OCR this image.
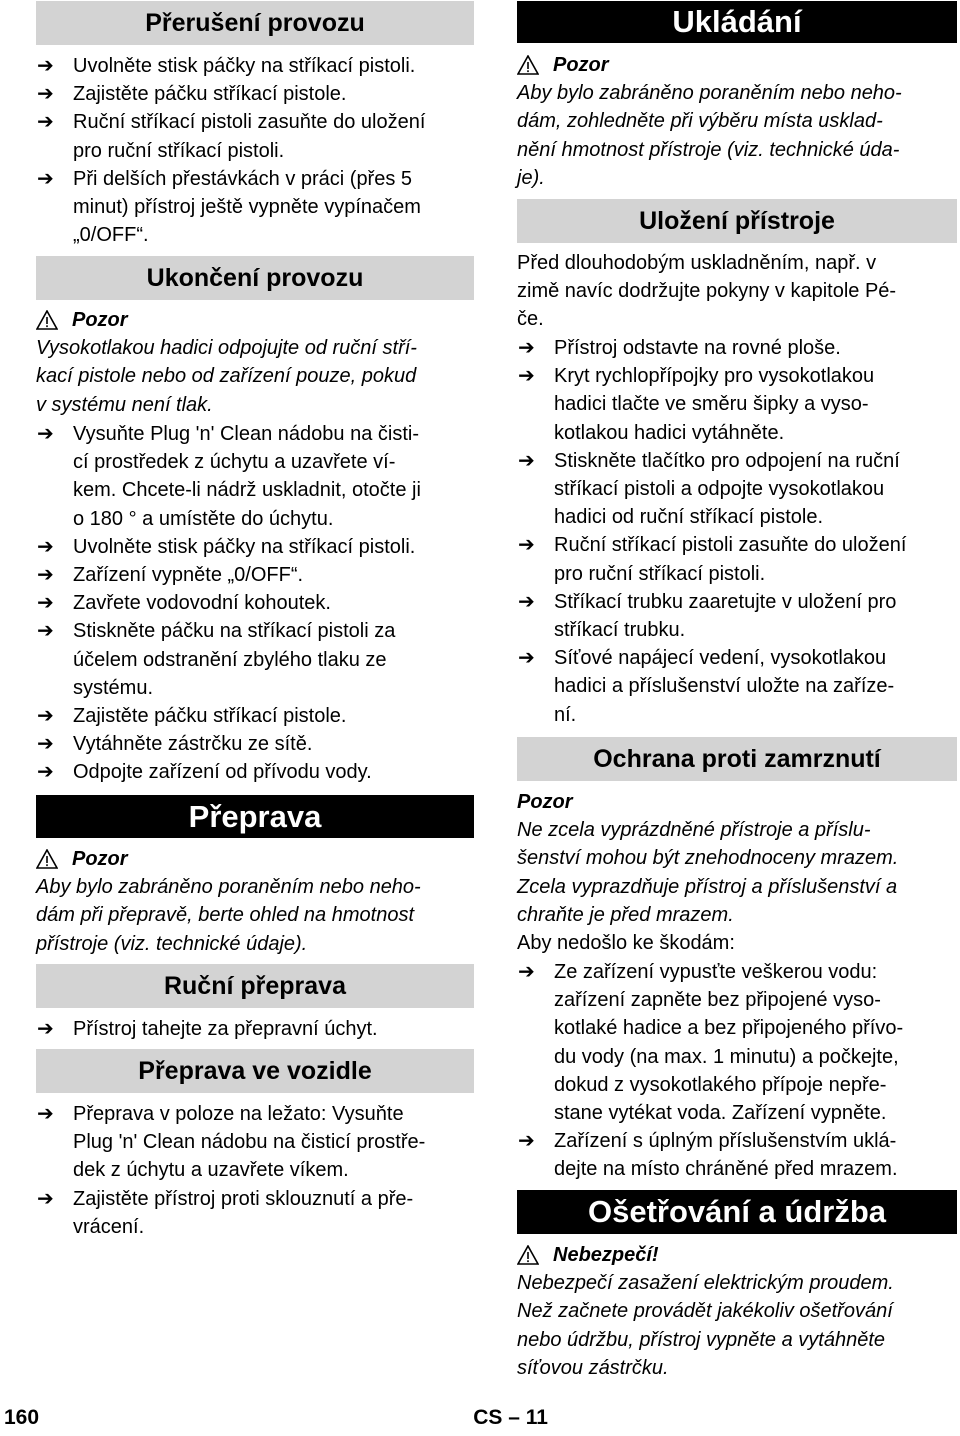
Přerušení provozu
➔ Uvolněte stisk páčky na stříkací pistoli.
➔ Zajistěte páčku stříkací pistole.
➔ Ruční stříkací pistoli zasuňte do uložení
pro ruční stříkací pistoli.
➔ Při delších přestávkách v práci (přes 5
minut) přístroj ještě vypněte vypínačem
„0/OFF“.
Ukončení provozu
Pozor
Vysokotlakou hadici odpojujte od ruční stří-
kací pistole nebo od zařízení pouze, pokud
v systému není tlak.
➔ Vysuňte Plug 'n' Clean nádobu na čisti-
cí prostředek z úchytu a uzavřete ví-
kem. Chcete-li nádrž uskladnit, otočte ji
o 180 ° a umístěte do úchytu.
➔ Uvolněte stisk páčky na stříkací pistoli.
➔ Zařízení vypněte „0/OFF“.
➔ Zavřete vodovodní kohoutek.
➔ Stiskněte páčku na stříkací pistoli za
účelem odstranění zbylého tlaku ze
systému.
➔ Zajistěte páčku stříkací pistole.
➔ Vytáhněte zástrčku ze sítě.
➔ Odpojte zařízení od přívodu vody.
Přeprava
Pozor
Aby bylo zabráněno poraněním nebo neho-
dám při přepravě, berte ohled na hmotnost
přístroje (viz. technické údaje).
Ruční přeprava
➔ Přístroj tahejte za přepravní úchyt.
Přeprava ve vozidle
➔ Přeprava v poloze na ležato: Vysuňte
Plug 'n' Clean nádobu na čisticí prostře-
dek z úchytu a uzavřete víkem.
➔ Zajistěte přístroj proti sklouznutí a pře-
vrácení.
Ukládání
Pozor
Aby bylo zabráněno poraněním nebo neho-
dám, zohledněte při výběru místa usklad-
nění hmotnost přístroje (viz. technické úda-
je).
Uložení přístroje
Před dlouhodobým uskladněním, např. v
zimě navíc dodržujte pokyny v kapitole Pé-
če.
➔ Přístroj odstavte na rovné ploše.
➔ Kryt rychlopřípojky pro vysokotlakou
hadici tlačte ve směru šipky a vyso-
kotlakou hadici vytáhněte.
➔ Stiskněte tlačítko pro odpojení na ruční
stříkací pistoli a odpojte vysokotlakou
hadici od ruční stříkací pistole.
➔ Ruční stříkací pistoli zasuňte do uložení
pro ruční stříkací pistoli.
➔ Stříkací trubku zaaretujte v uložení pro
stříkací trubku.
➔ Síťové napájecí vedení, vysokotlakou
hadici a příslušenství uložte na zaříze-
ní.
Ochrana proti zamrznutí
Pozor
Ne zcela vyprázdněné přístroje a příslu-
šenství mohou být znehodnoceny mrazem.
Zcela vyprazdňuje přístroj a příslušenství a
chraňte je před mrazem.
Aby nedošlo ke škodám:
➔ Ze zařízení vypusťte veškerou vodu:
zařízení zapněte bez připojené vyso-
kotlaké hadice a bez připojeného přívo-
du vody (na max. 1 minutu) a počkejte,
dokud z vysokotlakého přípoje nepře-
stane vytékat voda. Zařízení vypněte.
➔ Zařízení s úplným příslušenstvím uklá-
dejte na místo chráněné před mrazem.
Ošetřování a údržba
Nebezpečí!
Nebezpečí zasažení elektrickým proudem.
Než začnete provádět jakékoliv ošetřování
nebo údržbu, přístroj vypněte a vytáhněte
síťovou zástrčku.
160	CS – 11
